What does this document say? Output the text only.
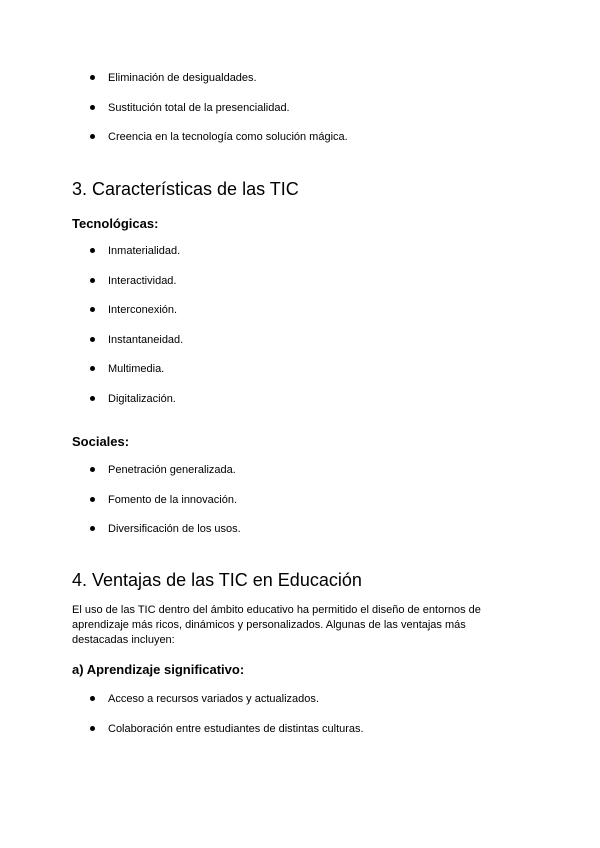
Eliminación de desigualdades.
Sustitución total de la presencialidad.
Creencia en la tecnología como solución mágica.
3. Características de las TIC
Tecnológicas:
Inmaterialidad.
Interactividad.
Interconexión.
Instantaneidad.
Multimedia.
Digitalización.
Sociales:
Penetración generalizada.
Fomento de la innovación.
Diversificación de los usos.
4. Ventajas de las TIC en Educación

El uso de las TIC dentro del ámbito educativo ha permitido el diseño de entornos de
aprendizaje más ricos, dinámicos y personalizados. Algunas de las ventajas más
destacadas incluyen:

a) Aprendizaje significativo:
Acceso a recursos variados y actualizados.
Colaboración entre estudiantes de distintas culturas.
